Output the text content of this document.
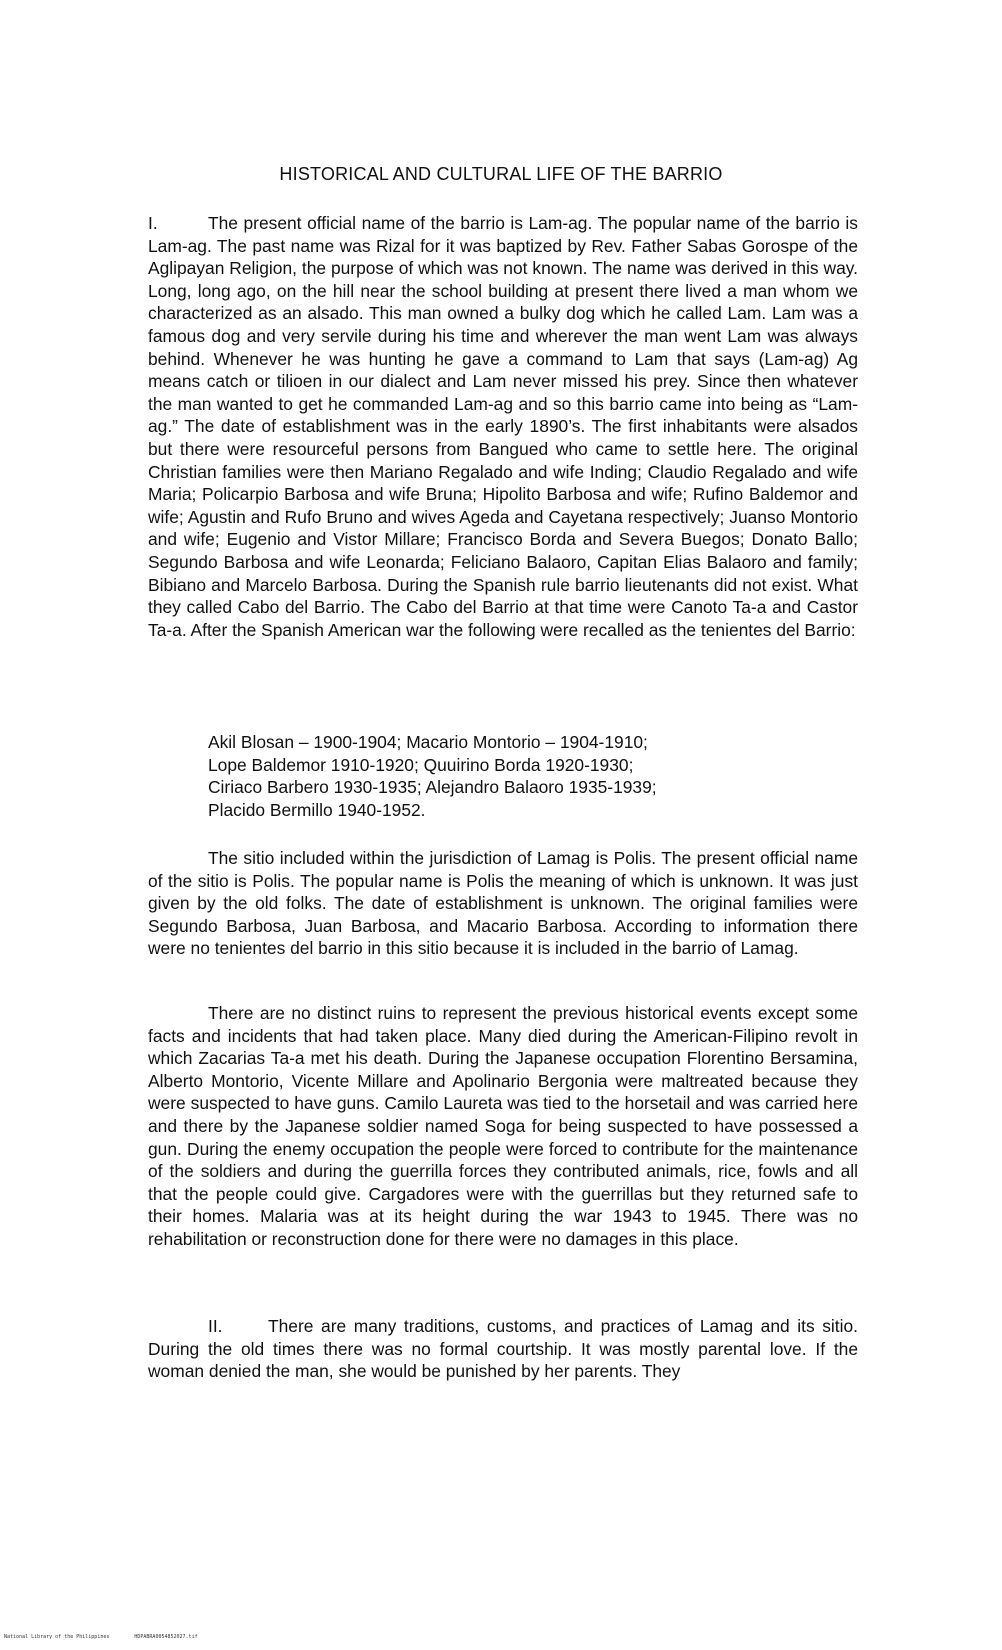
HISTORICAL AND CULTURAL LIFE OF THE BARRIO
I.	The present official name of the barrio is Lam-ag. The popular name of the barrio is Lam-ag. The past name was Rizal for it was baptized by Rev. Father Sabas Gorospe of the Aglipayan Religion, the purpose of which was not known. The name was derived in this way. Long, long ago, on the hill near the school building at present there lived a man whom we characterized as an alsado. This man owned a bulky dog which he called Lam. Lam was a famous dog and very servile during his time and wherever the man went Lam was always behind. Whenever he was hunting he gave a command to Lam that says (Lam-ag) Ag means catch or tilioen in our dialect and Lam never missed his prey. Since then whatever the man wanted to get he commanded Lam-ag and so this barrio came into being as “Lam-ag.” The date of establishment was in the early 1890’s. The first inhabitants were alsados but there were resourceful persons from Bangued who came to settle here. The original Christian families were then Mariano Regalado and wife Inding; Claudio Regalado and wife Maria; Policarpio Barbosa and wife Bruna; Hipolito Barbosa and wife; Rufino Baldemor and wife; Agustin and Rufo Bruno and wives Ageda and Cayetana respectively; Juanso Montorio and wife; Eugenio and Vistor Millare; Francisco Borda and Severa Buegos; Donato Ballo; Segundo Barbosa and wife Leonarda; Feliciano Balaoro, Capitan Elias Balaoro and family; Bibiano and Marcelo Barbosa. During the Spanish rule barrio lieutenants did not exist. What they called Cabo del Barrio. The Cabo del Barrio at that time were Canoto Ta-a and Castor Ta-a. After the Spanish American war the following were recalled as the tenientes del Barrio:
Akil Blosan – 1900-1904; Macario Montorio – 1904-1910;
Lope Baldemor 1910-1920; Quuirino Borda 1920-1930;
Ciriaco Barbero 1930-1935; Alejandro Balaoro 1935-1939;
Placido Bermillo 1940-1952.
The sitio included within the jurisdiction of Lamag is Polis. The present official name of the sitio is Polis. The popular name is Polis the meaning of which is unknown. It was just given by the old folks. The date of establishment is unknown. The original families were Segundo Barbosa, Juan Barbosa, and Macario Barbosa. According to information there were no tenientes del barrio in this sitio because it is included in the barrio of Lamag.
There are no distinct ruins to represent the previous historical events except some facts and incidents that had taken place. Many died during the American-Filipino revolt in which Zacarias Ta-a met his death. During the Japanese occupation Florentino Bersamina, Alberto Montorio, Vicente Millare and Apolinario Bergonia were maltreated because they were suspected to have guns. Camilo Laureta was tied to the horsetail and was carried here and there by the Japanese soldier named Soga for being suspected to have possessed a gun. During the enemy occupation the people were forced to contribute for the maintenance of the soldiers and during the guerrilla forces they contributed animals, rice, fowls and all that the people could give. Cargadores were with the guerrillas but they returned safe to their homes. Malaria was at its height during the war 1943 to 1945. There was no rehabilitation or reconstruction done for there were no damages in this place.
II.	There are many traditions, customs, and practices of Lamag and its sitio. During the old times there was no formal courtship. It was mostly parental love. If the woman denied the man, she would be punished by her parents. They
National Library of the Philippines	HDPABRA0054852027.tif
